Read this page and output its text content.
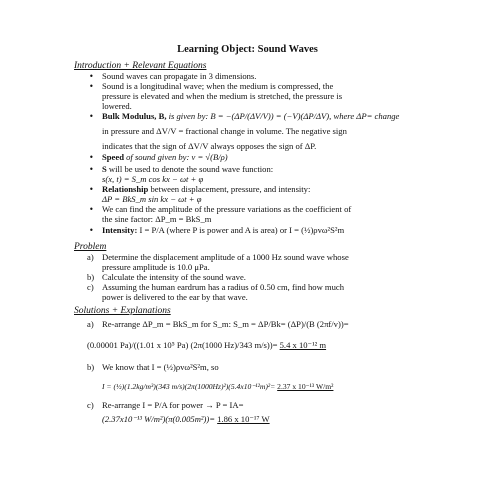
Learning Object: Sound Waves
Introduction + Relevant Equations
• Sound waves can propagate in 3 dimensions.
• Sound is a longitudinal wave; when the medium is compressed, the
pressure is elevated and when the medium is stretched, the pressure is
lowered.
• Bulk Modulus, B, is given by: B = −(ΔP/(ΔV/V)) = (−V)(ΔP/ΔV), where ΔP= change
in pressure and ΔV/V = fractional change in volume. The negative sign
indicates that the sign of ΔV/V always opposes the sign of ΔP.
• Speed of sound given by: v = √(B/ρ)
• S will be used to denote the sound wave function:
s(x, t) = S_m cos kx − ωt + φ
• Relationship between displacement, pressure, and intensity:
ΔP = BkS_m sin kx − ωt + φ
• We can find the amplitude of the pressure variations as the coefficient of
the sine factor: ΔP_m = BkS_m
• Intensity: I = P/A (where P is power and A is area) or I = (½)ρvω²S²m
Problem
a) Determine the displacement amplitude of a 1000 Hz sound wave whose
pressure amplitude is 10.0 μPa.
b) Calculate the intensity of the sound wave.
c) Assuming the human eardrum has a radius of 0.50 cm, find how much
power is delivered to the ear by that wave.
Solutions + Explanations
a) Re-arrange ΔP_m = BkS_m for S_m: S_m = ΔP/Bk= (ΔP)/(B (2πf/v))=
(0.00001 Pa)/((1.01 x 10⁵ Pa) (2π(1000 Hz)/343 m/s))= 5.4 x 10⁻¹² m
b) We know that I = (½)ρvω²S²m, so
I = (½)(1.2kg/m³)(343 m/s)(2π(1000Hz)²)(5.4x10⁻¹²m)²= 2.37 x 10⁻¹³ W/m²
c) Re-arrange I = P/A for power → P = IA=
(2.37x10⁻¹³ W/m²)(π(0.005m²))= 1.86 x 10⁻¹⁷ W
